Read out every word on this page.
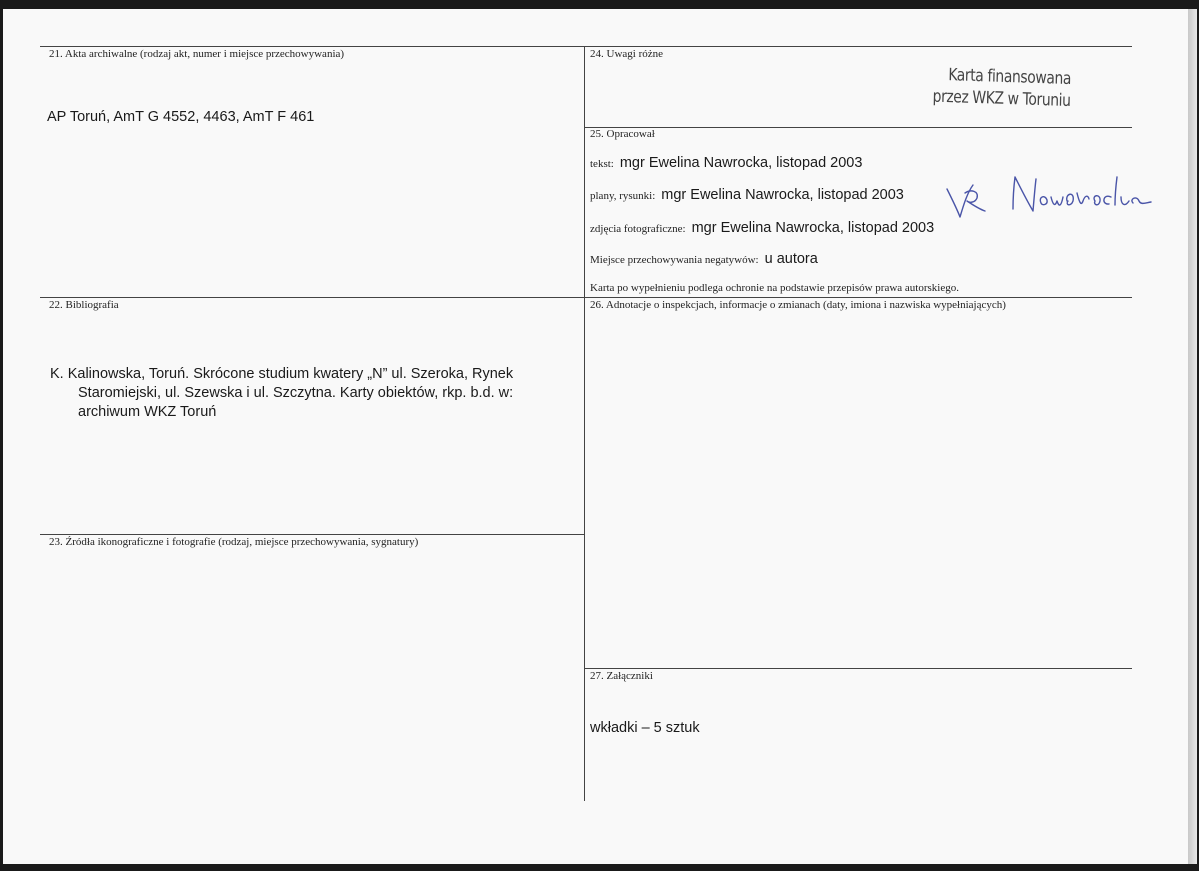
21. Akta archiwalne (rodzaj akt, numer i miejsce przechowywania)
AP Toruń, AmT G 4552, 4463, AmT F 461
24. Uwagi różne
Karta finansowana
przez WKZ w Toruniu
25. Opracował
tekst: mgr Ewelina Nawrocka, listopad 2003
plany, rysunki: mgr Ewelina Nawrocka, listopad 2003
zdjęcia fotograficzne: mgr Ewelina Nawrocka, listopad 2003
Miejsce przechowywania negatywów: u autora
Karta po wypełnieniu podlega ochronie na podstawie przepisów prawa autorskiego.
22. Bibliografia
K. Kalinowska, Toruń. Skrócone studium kwatery „N” ul. Szeroka, Rynek Staromiejski, ul. Szewska i ul. Szczytna. Karty obiektów, rkp. b.d. w: archiwum WKZ Toruń
26. Adnotacje o inspekcjach, informacje o zmianach (daty, imiona i nazwiska wypełniających)
23. Źródła ikonograficzne i fotografie (rodzaj, miejsce przechowywania, sygnatury)
27. Załączniki
wkładki – 5 sztuk
